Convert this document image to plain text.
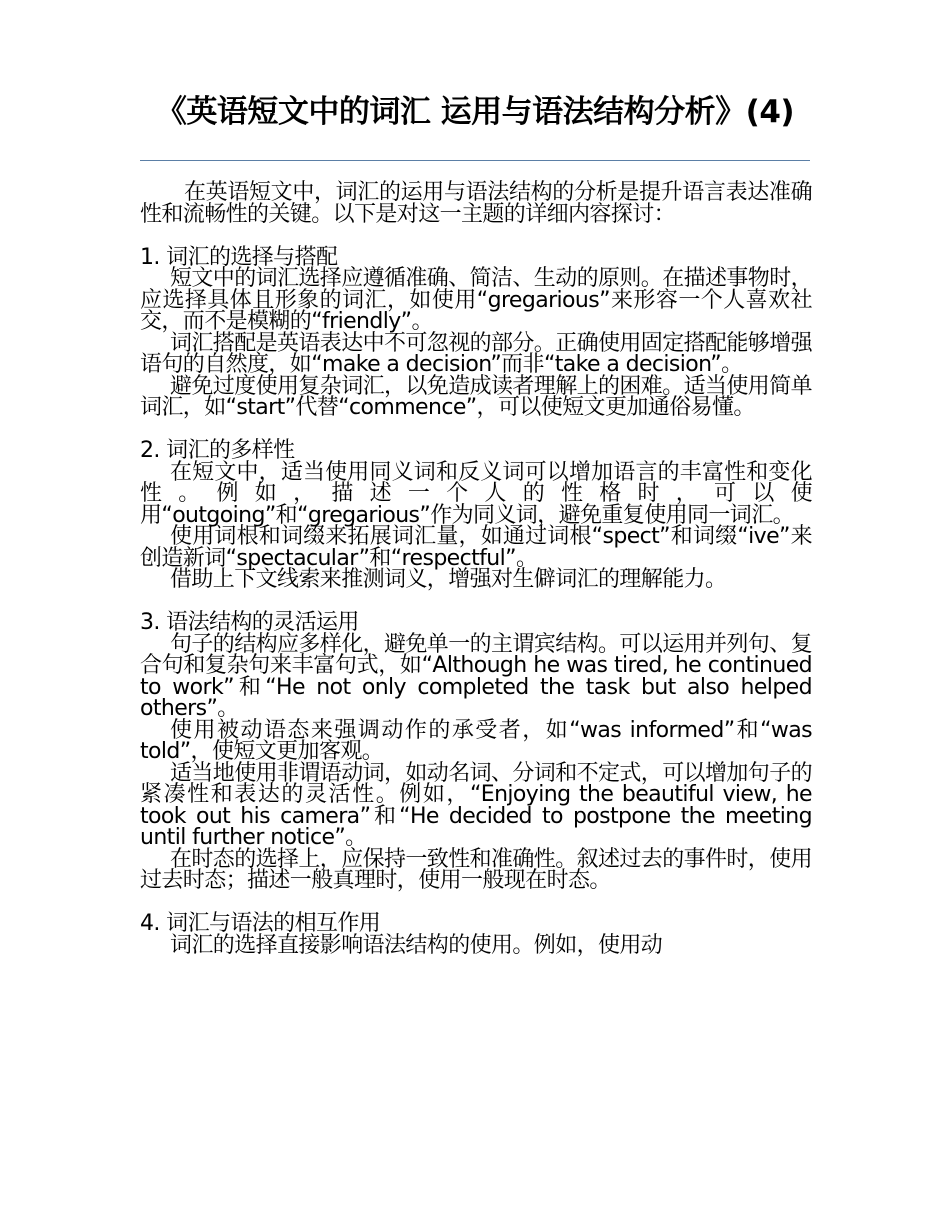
《英语短文中的词汇 运用与语法结构分析》(4)

在英语短文中，词汇的运用与语法结构的分析是提升语言表达准确性和流畅性的关键。以下是对这一主题的详细内容探讨：

1. 词汇的选择与搭配

短文中的词汇选择应遵循准确、简洁、生动的原则。在描述事物时，应选择具体且形象的词汇，如使用“gregarious”来形容一个人喜欢社交，而不是模糊的“friendly”。

词汇搭配是英语表达中不可忽视的部分。正确使用固定搭配能够增强语句的自然度，如“make a decision”而非“take a decision”。

避免过度使用复杂词汇，以免造成读者理解上的困难。适当使用简单词汇，如“start”代替“commence”，可以使短文更加通俗易懂。

2. 词汇的多样性

在短文中，适当使用同义词和反义词可以增加语言的丰富性和变化性。例如，描述一个人的性格时，可以使用“outgoing”和“gregarious”作为同义词，避免重复使用同一词汇。

使用词根和词缀来拓展词汇量，如通过词根“spect”和词缀“ive”来创造新词“spectacular”和“respectful”。

借助上下文线索来推测词义，增强对生僻词汇的理解能力。

3. 语法结构的灵活运用

句子的结构应多样化，避免单一的主谓宾结构。可以运用并列句、复合句和复杂句来丰富句式，如“Although he was tired, he continued to work”和“He not only completed the task but also helped others”。

使用被动语态来强调动作的承受者，如“was informed”和“was told”，使短文更加客观。

适当地使用非谓语动词，如动名词、分词和不定式，可以增加句子的紧凑性和表达的灵活性。例如，“Enjoying the beautiful view, he took out his camera”和“He decided to postpone the meeting until further notice”。

在时态的选择上，应保持一致性和准确性。叙述过去的事件时，使用过去时态；描述一般真理时，使用一般现在时态。

4. 词汇与语法的相互作用

词汇的选择直接影响语法结构的使用。例如，使用动
